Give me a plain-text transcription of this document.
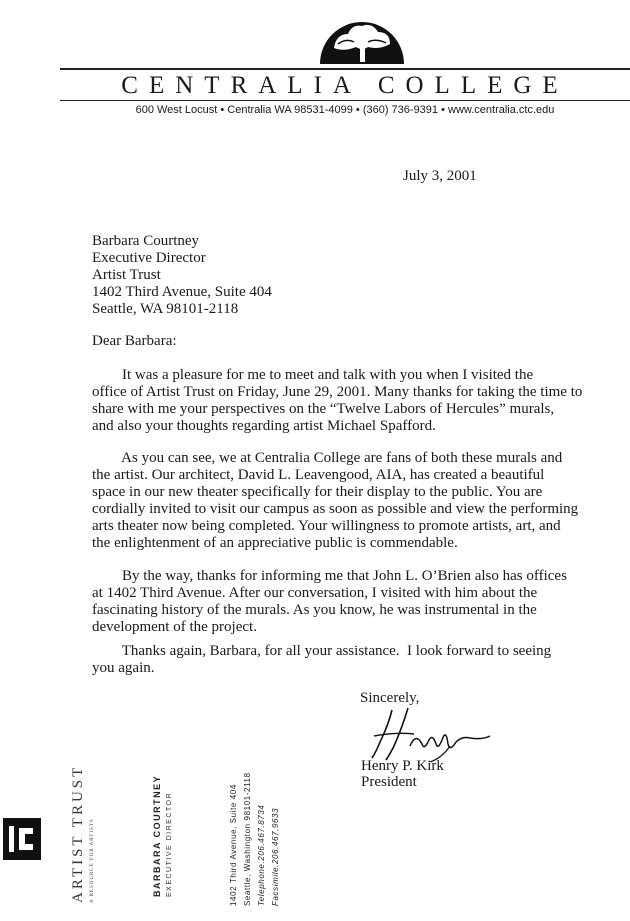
CENTRALIA COLLEGE
600 West Locust • Centralia WA 98531-4099 • (360) 736-9391 • www.centralia.ctc.edu
July 3, 2001
Barbara Courtney
Executive Director
Artist Trust
1402 Third Avenue, Suite 404
Seattle, WA 98101-2118
Dear Barbara:
It was a pleasure for me to meet and talk with you when I visited the
office of Artist Trust on Friday, June 29, 2001. Many thanks for taking the time to
share with me your perspectives on the “Twelve Labors of Hercules” murals,
and also your thoughts regarding artist Michael Spafford.
As you can see, we at Centralia College are fans of both these murals and
the artist. Our architect, David L. Leavengood, AIA, has created a beautiful
space in our new theater specifically for their display to the public. You are
cordially invited to visit our campus as soon as possible and view the performing
arts theater now being completed. Your willingness to promote artists, art, and
the enlightenment of an appreciative public is commendable.
By the way, thanks for informing me that John L. O’Brien also has offices
at 1402 Third Avenue. After our conversation, I visited with him about the
fascinating history of the murals. As you know, he was instrumental in the
development of the project.
Thanks again, Barbara, for all your assistance.  I look forward to seeing
you again.
Sincerely,
Henry P. Kirk
President
ARTIST TRUST A RESOURCE FOR ARTISTS	BARBARA COURTNEY EXECUTIVE DIRECTOR	1402 Third Avenue, Suite 404 Seattle, Washington 98101-2118 Telephone.206.467.8734 Facsimile.206.467.9633
